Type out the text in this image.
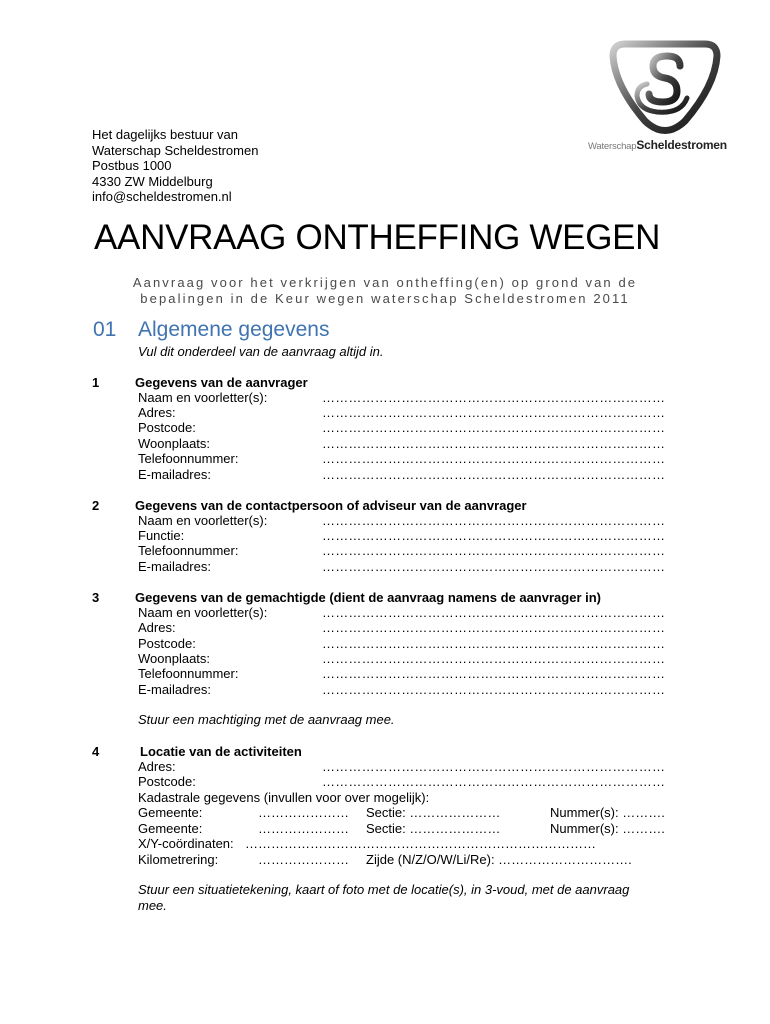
Het dagelijks bestuur van
Waterschap Scheldestromen
Postbus 1000
4330 ZW Middelburg
info@scheldestromen.nl
WaterschapScheldestromen
AANVRAAG ONTHEFFING WEGEN
Aanvraag voor het verkrijgen van ontheffing(en) op grond van de
bepalingen in de Keur wegen waterschap Scheldestromen 2011
01 Algemene gegevens
Vul dit onderdeel van de aanvraag altijd in.
1	Gegevens van de aanvrager
Naam en voorletter(s):	……………………………………………………………………
Adres:	……………………………………………………………………
Postcode:	……………………………………………………………………
Woonplaats:	……………………………………………………………………
Telefoonnummer:	……………………………………………………………………
E-mailadres:	……………………………………………………………………
2	Gegevens van de contactpersoon of adviseur van de aanvrager
Naam en voorletter(s):	……………………………………………………………………
Functie:	……………………………………………………………………
Telefoonnummer:	……………………………………………………………………
E-mailadres:	……………………………………………………………………
3	Gegevens van de gemachtigde (dient de aanvraag namens de aanvrager in)
Naam en voorletter(s):	……………………………………………………………………
Adres:	……………………………………………………………………
Postcode:	……………………………………………………………………
Woonplaats:	……………………………………………………………………
Telefoonnummer:	……………………………………………………………………
E-mailadres:	……………………………………………………………………
Stuur een machtiging met de aanvraag mee.
4	Locatie van de activiteiten
Adres:	……………………………………………………………………
Postcode:	……………………………………………………………………
Kadastrale gegevens (invullen voor over mogelijk):
Gemeente:	………………… Sectie: …………………	Nummer(s): ……….
Gemeente:	………………… Sectie: …………………	Nummer(s): ……….
X/Y-coördinaten: ………………………………………………………………………
Kilometrering:	………………… Zijde (N/Z/O/W/Li/Re): ………………………….
Stuur een situatietekening, kaart of foto met de locatie(s), in 3-voud, met de aanvraag
mee.
